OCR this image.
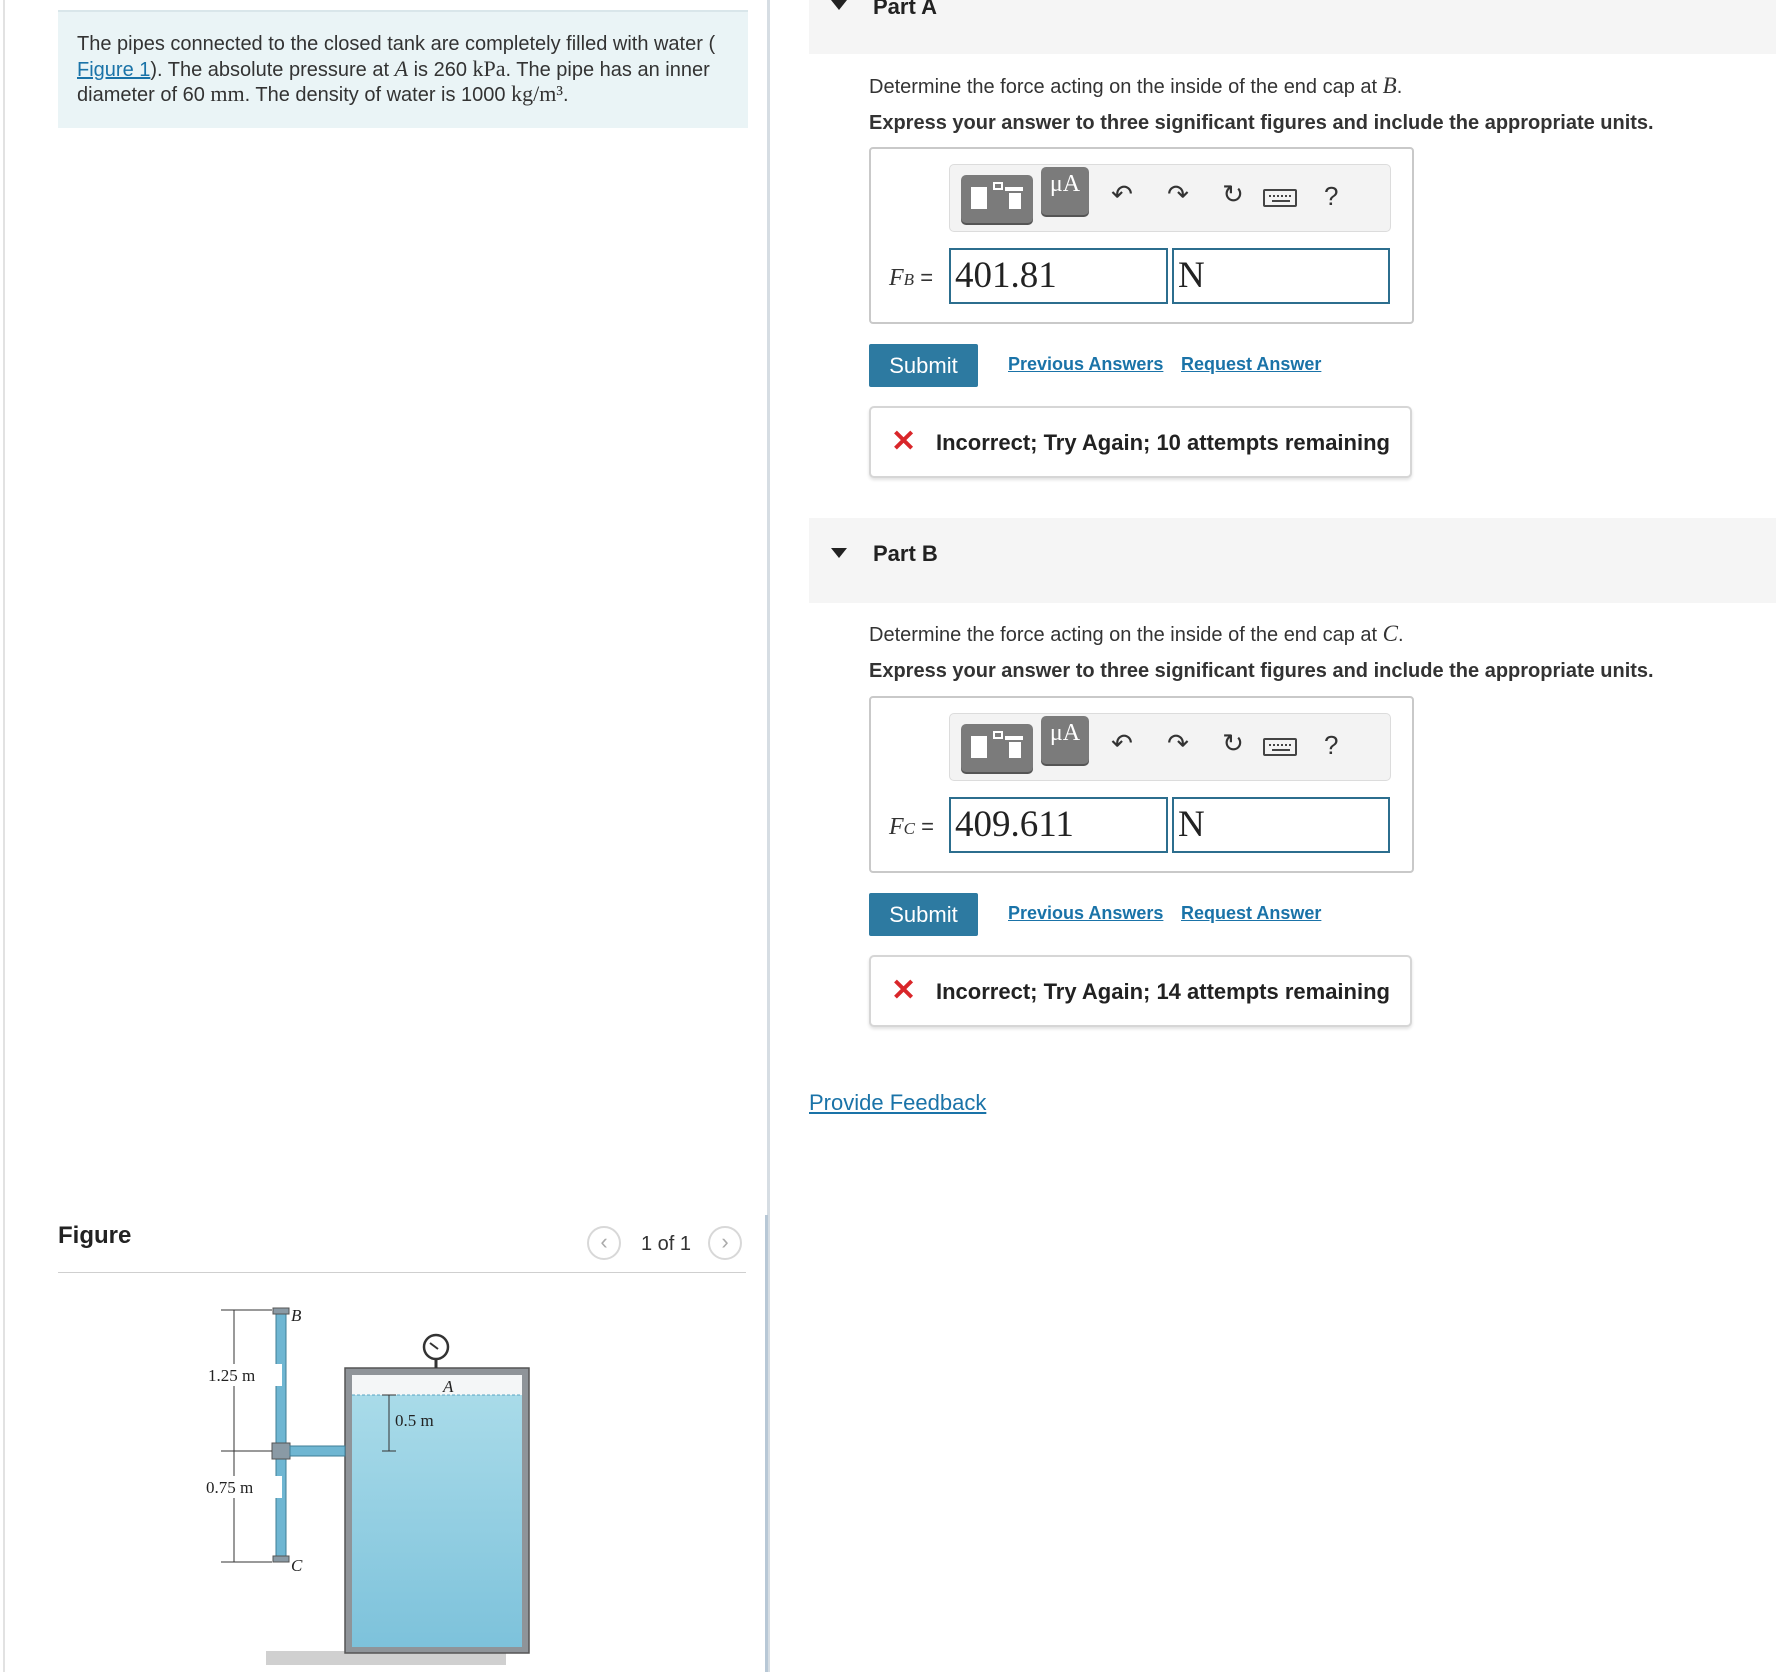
The pipes connected to the closed tank are completely filled with water (
Figure 1). The absolute pressure at A is 260 kPa. The pipe has an inner diameter of 60 mm. The density of water is 1000 kg/m³.
Figure	‹	1 of 1	›
A
0.5 m
B
C
1.25 m
0.75 m
Part A
Determine the force acting on the inside of the end cap at B.
Express your answer to three significant figures and include the appropriate units.
μA	↶ ↷ ↻	?
FB = 401.81	N
Submit	Previous Answers Request Answer
✕ Incorrect; Try Again; 10 attempts remaining
Part B
Determine the force acting on the inside of the end cap at C.
Express your answer to three significant figures and include the appropriate units.
μA	↶ ↷ ↻	?
FC = 409.611	N
Submit	Previous Answers Request Answer
✕ Incorrect; Try Again; 14 attempts remaining
Provide Feedback
